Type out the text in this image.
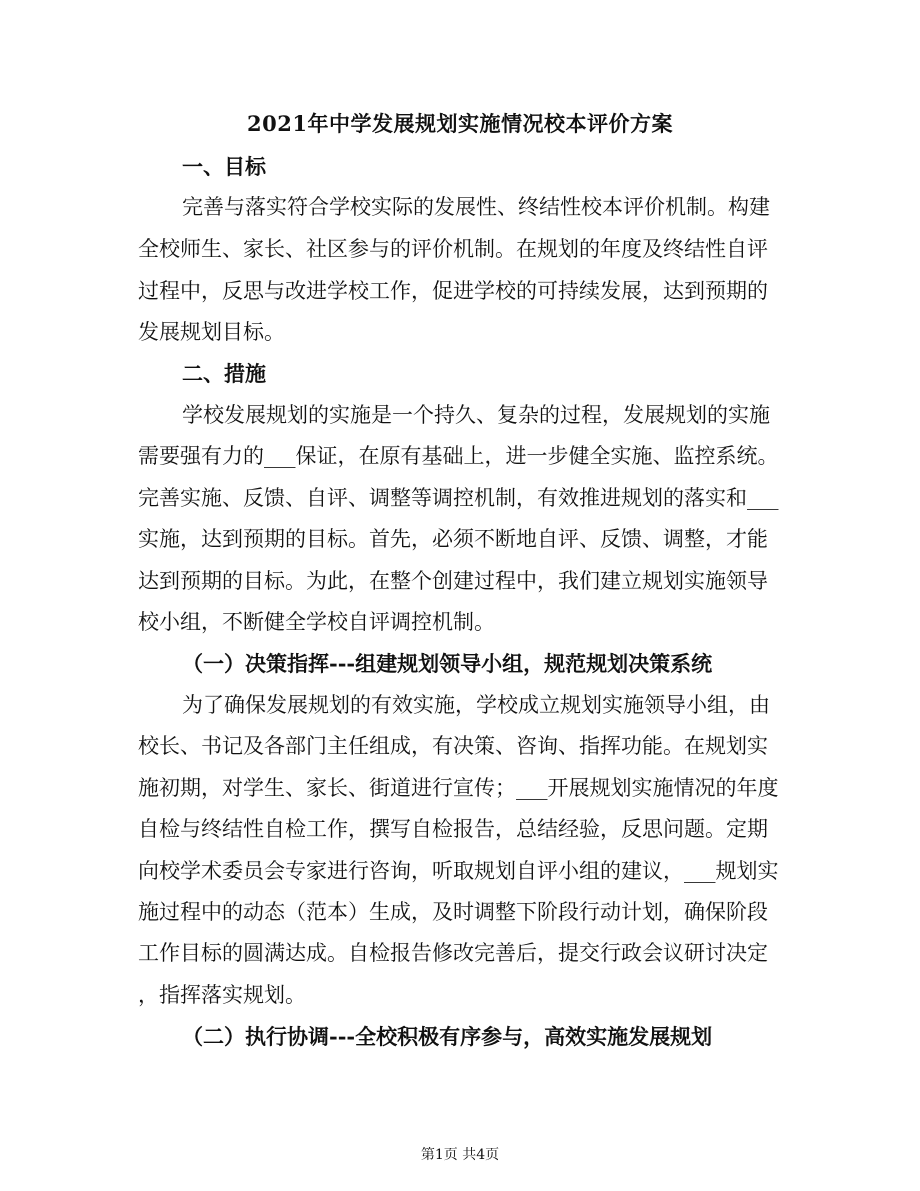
2021年中学发展规划实施情况校本评价方案
一、目标
完善与落实符合学校实际的发展性、终结性校本评价机制。构建
全校师生、家长、社区参与的评价机制。在规划的年度及终结性自评
过程中，反思与改进学校工作，促进学校的可持续发展，达到预期的
发展规划目标。
二、措施
学校发展规划的实施是一个持久、复杂的过程，发展规划的实施
需要强有力的___保证，在原有基础上，进一步健全实施、监控系统。
完善实施、反馈、自评、调整等调控机制，有效推进规划的落实和___
实施，达到预期的目标。首先，必须不断地自评、反馈、调整，才能
达到预期的目标。为此，在整个创建过程中，我们建立规划实施领导
校小组，不断健全学校自评调控机制。
（一）决策指挥---组建规划领导小组，规范规划决策系统
为了确保发展规划的有效实施，学校成立规划实施领导小组，由
校长、书记及各部门主任组成，有决策、咨询、指挥功能。在规划实
施初期，对学生、家长、街道进行宣传；___开展规划实施情况的年度
自检与终结性自检工作，撰写自检报告，总结经验，反思问题。定期
向校学术委员会专家进行咨询，听取规划自评小组的建议，___规划实
施过程中的动态（范本）生成，及时调整下阶段行动计划，确保阶段
工作目标的圆满达成。自检报告修改完善后，提交行政会议研讨决定
，指挥落实规划。
（二）执行协调---全校积极有序参与，高效实施发展规划
第1页 共4页
